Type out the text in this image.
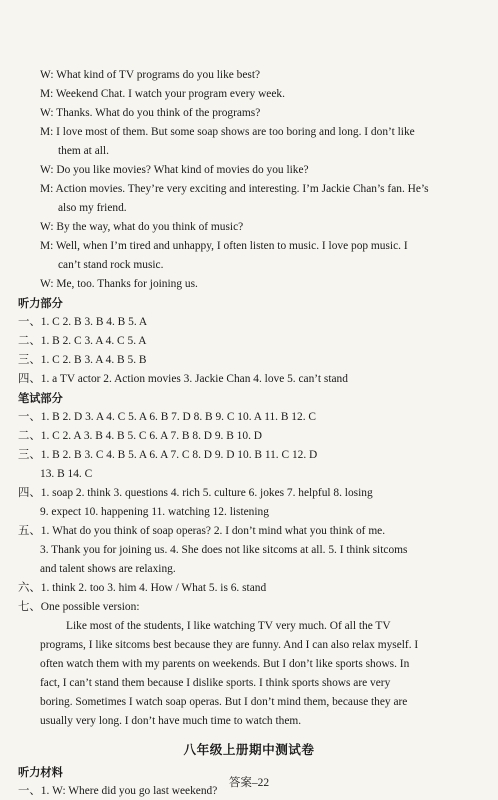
答案–22
W: What kind of TV programs do you like best?
M: Weekend Chat. I watch your program every week.
W: Thanks. What do you think of the programs?
M: I love most of them. But some soap shows are too boring and long. I don’t like
them at all.
W: Do you like movies? What kind of movies do you like?
M: Action movies. They’re very exciting and interesting. I’m Jackie Chan’s fan. He’s
also my friend.
W: By the way, what do you think of music?
M: Well, when I’m tired and unhappy, I often listen to music. I love pop music. I
can’t stand rock music.
W: Me, too. Thanks for joining us.
听力部分
一、1. C 2. B 3. B 4. B 5. A
二、1. B 2. C 3. A 4. C 5. A
三、1. C 2. B 3. A 4. B 5. B
四、1. a TV actor 2. Action movies 3. Jackie Chan 4. love 5. can’t stand
笔试部分
一、1. B 2. D 3. A 4. C 5. A 6. B 7. D 8. B 9. C 10. A 11. B 12. C
二、1. C 2. A 3. B 4. B 5. C 6. A 7. B 8. D 9. B 10. D
三、1. B 2. B 3. C 4. B 5. A 6. A 7. C 8. D 9. D 10. B 11. C 12. D
13. B 14. C
四、1. soap 2. think 3. questions 4. rich 5. culture 6. jokes 7. helpful 8. losing
9. expect 10. happening 11. watching 12. listening
五、1. What do you think of soap operas? 2. I don’t mind what you think of me.
3. Thank you for joining us. 4. She does not like sitcoms at all. 5. I think sitcoms
and talent shows are relaxing.
六、1. think 2. too 3. him 4. How / What 5. is 6. stand
七、One possible version:
Like most of the students, I like watching TV very much. Of all the TV
programs, I like sitcoms best because they are funny. And I can also relax myself. I
often watch them with my parents on weekends. But I don’t like sports shows. In
fact, I can’t stand them because I dislike sports. I think sports shows are very
boring. Sometimes I watch soap operas. But I don’t mind them, because they are
usually very long. I don’t have much time to watch them.
八年级上册期中测试卷
听力材料
一、1. W: Where did you go last weekend?
